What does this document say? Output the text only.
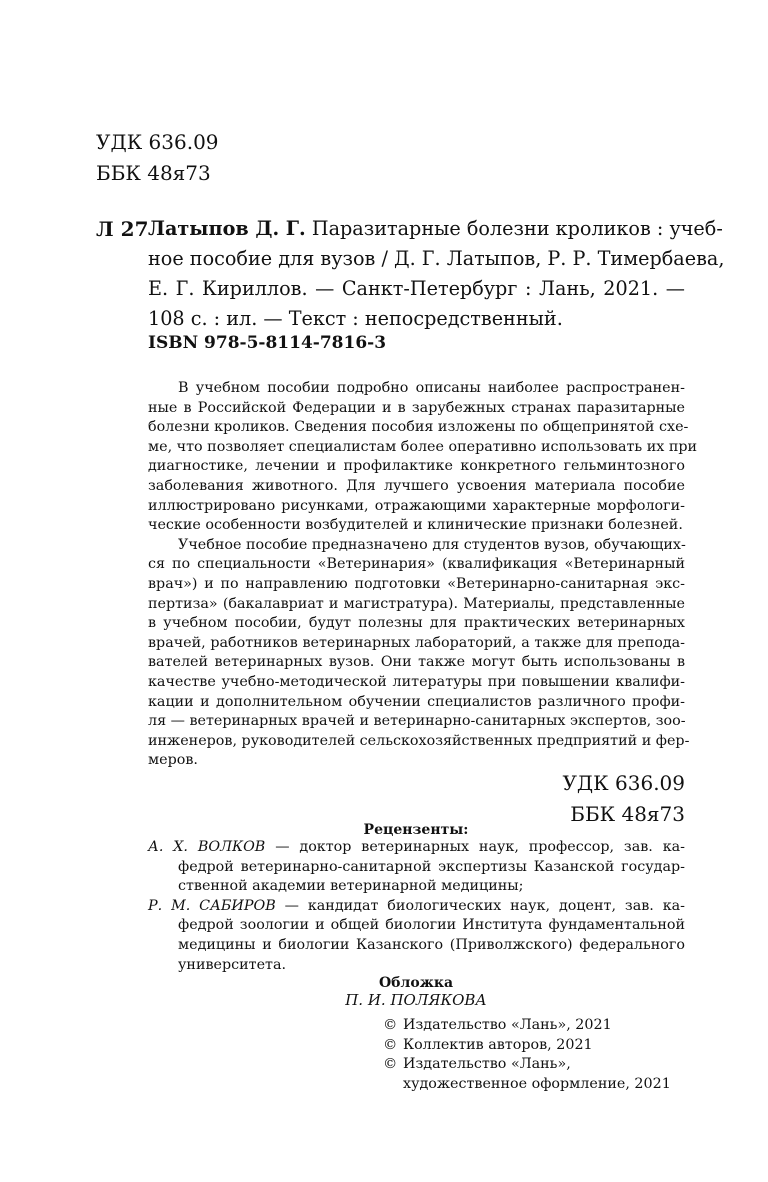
УДК 636.09
ББК 48я73
Л 27 Латыпов Д. Г. Паразитарные болезни кроликов : учеб-
ное пособие для вузов / Д. Г. Латыпов, Р. Р. Тимербаева,
Е. Г. Кириллов. — Санкт-Петербург : Лань, 2021. —
108 с. : ил. — Текст : непосредственный.
ISBN 978-5-8114-7816-3
В учебном пособии подробно описаны наиболее распространен-
ные в Российской Федерации и в зарубежных странах паразитарные
болезни кроликов. Сведения пособия изложены по общепринятой схе-
ме, что позволяет специалистам более оперативно использовать их при
диагностике, лечении и профилактике конкретного гельминтозного
заболевания животного. Для лучшего усвоения материала пособие
иллюстрировано рисунками, отражающими характерные морфологи-
ческие особенности возбудителей и клинические признаки болезней.
Учебное пособие предназначено для студентов вузов, обучающих-
ся по специальности «Ветеринария» (квалификация «Ветеринарный
врач») и по направлению подготовки «Ветеринарно-санитарная экс-
пертиза» (бакалавриат и магистратура). Материалы, представленные
в учебном пособии, будут полезны для практических ветеринарных
врачей, работников ветеринарных лабораторий, а также для препода-
вателей ветеринарных вузов. Они также могут быть использованы в
качестве учебно-методической литературы при повышении квалифи-
кации и дополнительном обучении специалистов различного профи-
ля — ветеринарных врачей и ветеринарно-санитарных экспертов, зоо-
инженеров, руководителей сельскохозяйственных предприятий и фер-
меров.
УДК 636.09
ББК 48я73
Рецензенты:
А. Х. ВОЛКОВ — доктор ветеринарных наук, профессор, зав. ка-
федрой ветеринарно-санитарной экспертизы Казанской государ-
ственной академии ветеринарной медицины;
Р. М. САБИРОВ — кандидат биологических наук, доцент, зав. ка-
федрой зоологии и общей биологии Института фундаментальной
медицины и биологии Казанского (Приволжского) федерального
университета.
Обложка
П. И. ПОЛЯКОВА
© Издательство «Лань», 2021
© Коллектив авторов, 2021
© Издательство «Лань»,
художественное оформление, 2021
